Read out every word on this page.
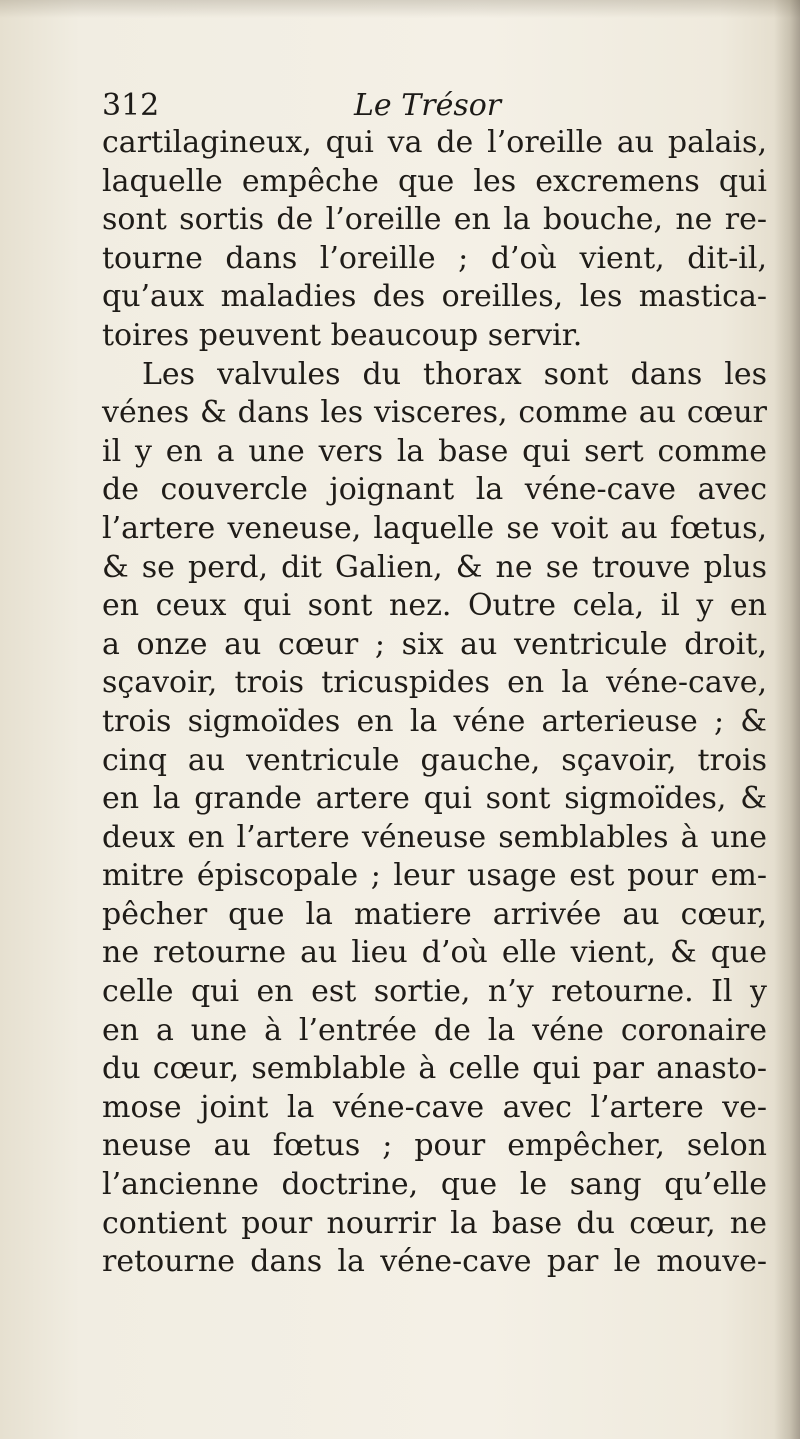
312	Le Trésor
cartilagineux, qui va de l’oreille au palais,
laquelle empêche que les excremens qui
sont sortis de l’oreille en la bouche, ne re-
tourne dans l’oreille ; d’où vient, dit-il,
qu’aux maladies des oreilles, les mastica-
toires peuvent beaucoup servir.
Les valvules du thorax sont dans les
vénes & dans les visceres, comme au cœur
il y en a une vers la base qui sert comme
de couvercle joignant la véne-cave avec
l’artere veneuse, laquelle se voit au fœtus,
& se perd, dit Galien, & ne se trouve plus
en ceux qui sont nez. Outre cela, il y en
a onze au cœur ; six au ventricule droit,
sçavoir, trois tricuspides en la véne-cave,
trois sigmoïdes en la véne arterieuse ; &
cinq au ventricule gauche, sçavoir, trois
en la grande artere qui sont sigmoïdes, &
deux en l’artere véneuse semblables à une
mitre épiscopale ; leur usage est pour em-
pêcher que la matiere arrivée au cœur,
ne retourne au lieu d’où elle vient, & que
celle qui en est sortie, n’y retourne. Il y
en a une à l’entrée de la véne coronaire
du cœur, semblable à celle qui par anasto-
mose joint la véne-cave avec l’artere ve-
neuse au fœtus ; pour empêcher, selon
l’ancienne doctrine, que le sang qu’elle
contient pour nourrir la base du cœur, ne
retourne dans la véne-cave par le mouve-
